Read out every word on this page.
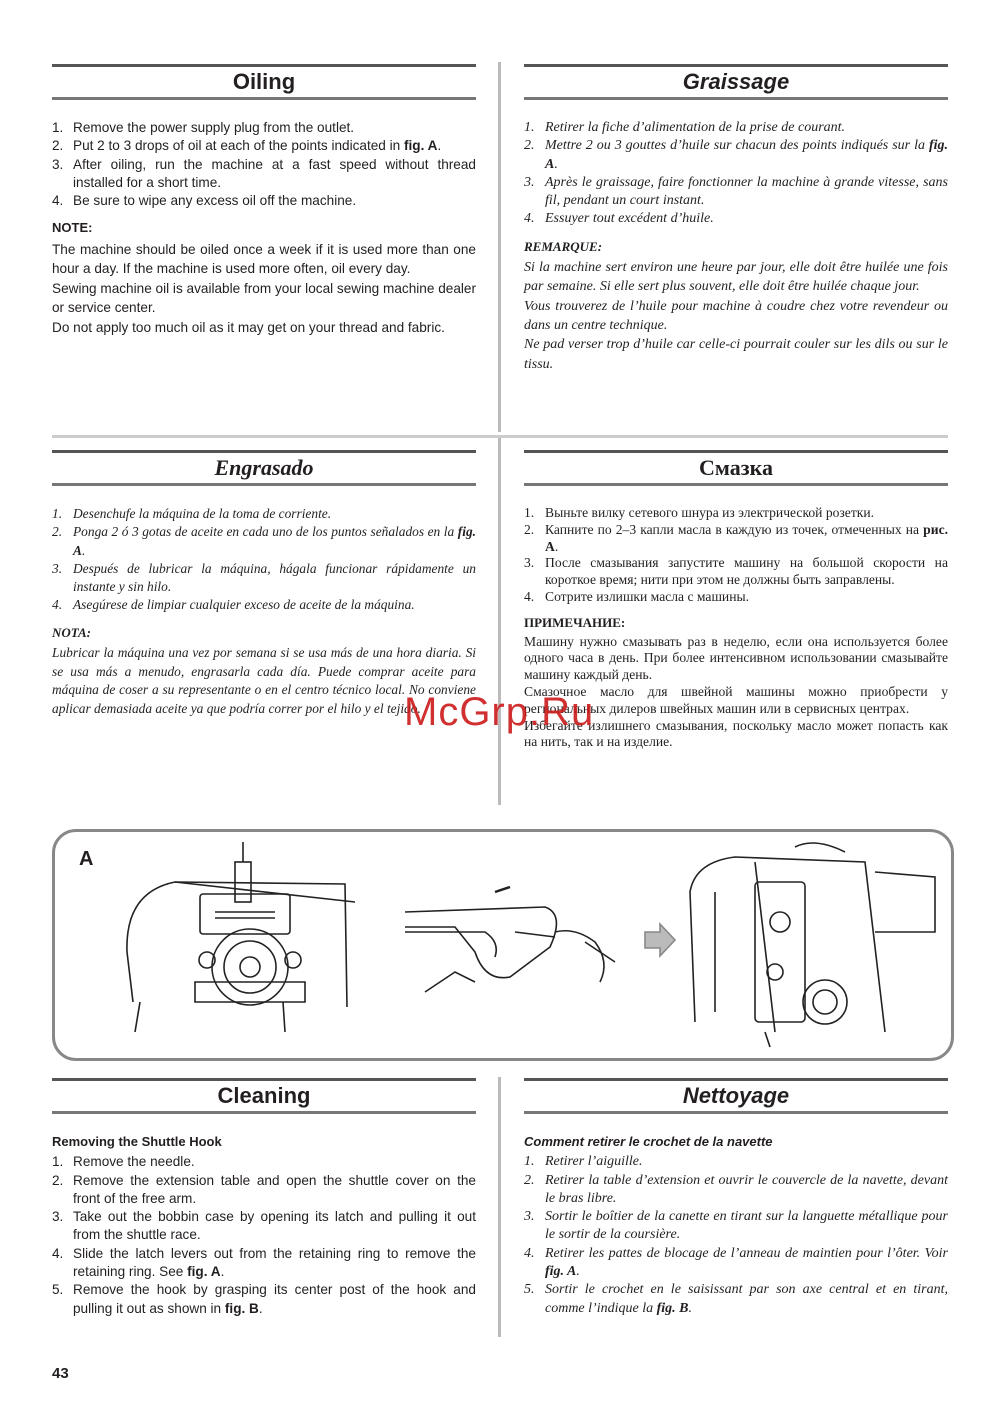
Oiling
1. Remove the power supply plug from the outlet.
2. Put 2 to 3 drops of oil at each of the points indicated in fig. A.
3. After oiling, run the machine at a fast speed without thread installed for a short time.
4. Be sure to wipe any excess oil off the machine.
NOTE:

The machine should be oiled once a week if it is used more than one hour a day. If the machine is used more often, oil every day.

Sewing machine oil is available from your local sewing machine dealer or service center.

Do not apply too much oil as it may get on your thread and fabric.

Graissage
1. Retirer la fiche d’alimentation de la prise de courant.
2. Mettre 2 ou 3 gouttes d’huile sur chacun des points indiqués sur la fig. A.
3. Après le graissage, faire fonctionner la machine à grande vitesse, sans fil, pendant un court instant.
4. Essuyer tout excédent d’huile.
REMARQUE:

Si la machine sert environ une heure par jour, elle doit être huilée une fois par semaine. Si elle sert plus souvent, elle doit être huilée chaque jour.

Vous trouverez de l’huile pour machine à coudre chez votre revendeur ou dans un centre technique.

Ne pad verser trop d’huile car celle-ci pourrait couler sur les dils ou sur le tissu.

Engrasado
1. Desenchufe la máquina de la toma de corriente.
2. Ponga 2 ó 3 gotas de aceite en cada uno de los puntos señalados en la fig. A.
3. Después de lubricar la máquina, hágala funcionar rápidamente un instante y sin hilo.
4. Asegúrese de limpiar cualquier exceso de aceite de la máquina.
NOTA:

Lubricar la máquina una vez por semana si se usa más de una hora diaria. Si se usa más a menudo, engrasarla cada día. Puede comprar aceite para máquina de coser a su representante o en el centro técnico local. No conviene aplicar demasiada aceite ya que podría correr por el hilo y el tejido.

Смазка
1. Выньте вилку сетевого шнура из электрической розетки.
2. Капните по 2–3 капли масла в каждую из точек, отмеченных на рис. A.
3. После смазывания запустите машину на большой скорости на короткое время; нити при этом не должны быть заправлены.
4. Сотрите излишки масла с машины.
ПРИМЕЧАНИЕ:

Машину нужно смазывать раз в неделю, если она используется более одного часа в день. При более интенсивном использовании смазывайте машину каждый день.

Смазочное масло для швейной машины можно приобрести у региональных дилеров швейных машин или в сервисных центрах.

Избегайте излишнего смазывания, поскольку масло может попасть как на нить, так и на изделие.

McGrp.Ru
A
Cleaning
Removing the Shuttle Hook
1. Remove the needle.
2. Remove the extension table and open the shuttle cover on the front of the free arm.
3. Take out the bobbin case by opening its latch and pulling it out from the shuttle race.
4. Slide the latch levers out from the retaining ring to remove the retaining ring. See fig. A.
5. Remove the hook by grasping its center post of the hook and pulling it out as shown in fig. B.
Nettoyage
Comment retirer le crochet de la navette
1. Retirer l’aiguille.
2. Retirer la table d’extension et ouvrir le couvercle de la navette, devant le bras libre.
3. Sortir le boîtier de la canette en tirant sur la languette métallique pour le sortir de la coursière.
4. Retirer les pattes de blocage de l’anneau de maintien pour l’ôter. Voir fig. A.
5. Sortir le crochet en le saisissant par son axe central et en tirant, comme l’indique la fig. B.
43
